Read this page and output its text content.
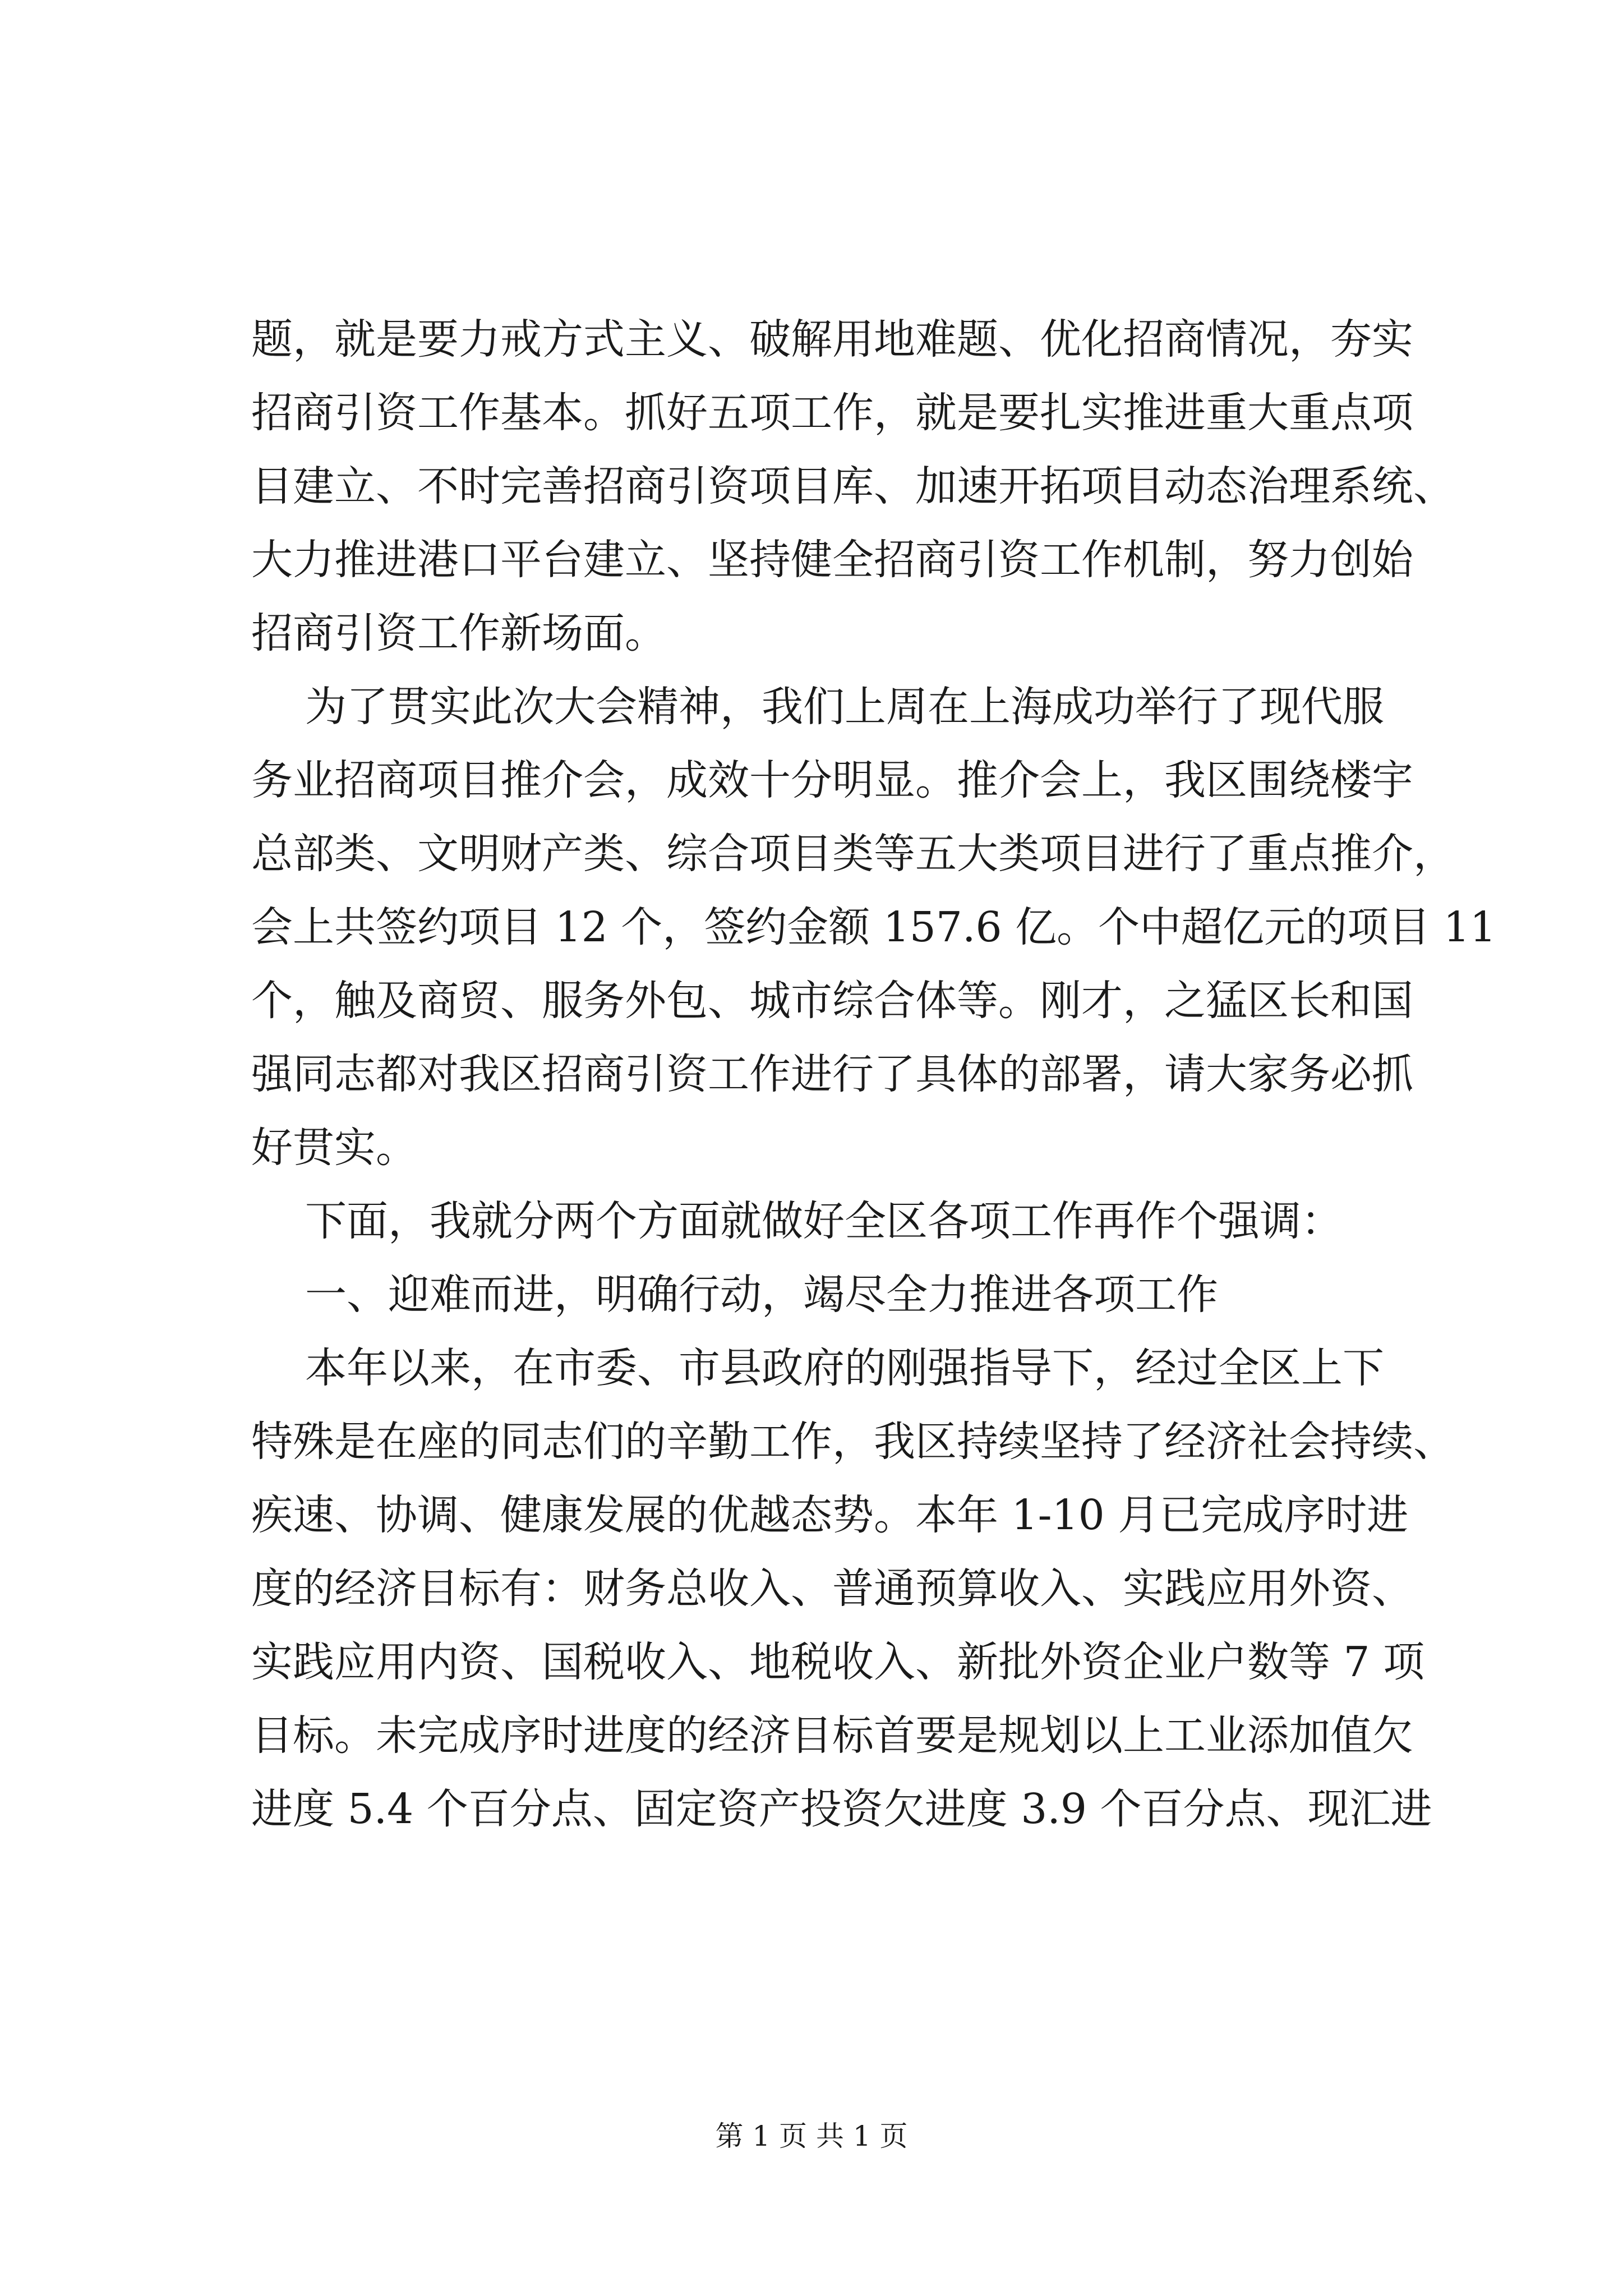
题，就是要力戒方式主义、破解用地难题、优化招商情况，夯实
招商引资工作基本。抓好五项工作，就是要扎实推进重大重点项
目建立、不时完善招商引资项目库、加速开拓项目动态治理系统、
大力推进港口平台建立、坚持健全招商引资工作机制，努力创始
招商引资工作新场面。
为了贯实此次大会精神，我们上周在上海成功举行了现代服
务业招商项目推介会，成效十分明显。推介会上，我区围绕楼宇
总部类、文明财产类、综合项目类等五大类项目进行了重点推介，
会上共签约项目 12 个，签约金额 157.6 亿。个中超亿元的项目 11
个，触及商贸、服务外包、城市综合体等。刚才，之猛区长和国
强同志都对我区招商引资工作进行了具体的部署，请大家务必抓
好贯实。
下面，我就分两个方面就做好全区各项工作再作个强调：
一、迎难而进，明确行动，竭尽全力推进各项工作
本年以来，在市委、市县政府的刚强指导下，经过全区上下
特殊是在座的同志们的辛勤工作，我区持续坚持了经济社会持续、
疾速、协调、健康发展的优越态势。本年 1-10 月已完成序时进
度的经济目标有：财务总收入、普通预算收入、实践应用外资、
实践应用内资、国税收入、地税收入、新批外资企业户数等 7 项
目标。未完成序时进度的经济目标首要是规划以上工业添加值欠
进度 5.4 个百分点、固定资产投资欠进度 3.9 个百分点、现汇进
第 1 页 共 1 页
